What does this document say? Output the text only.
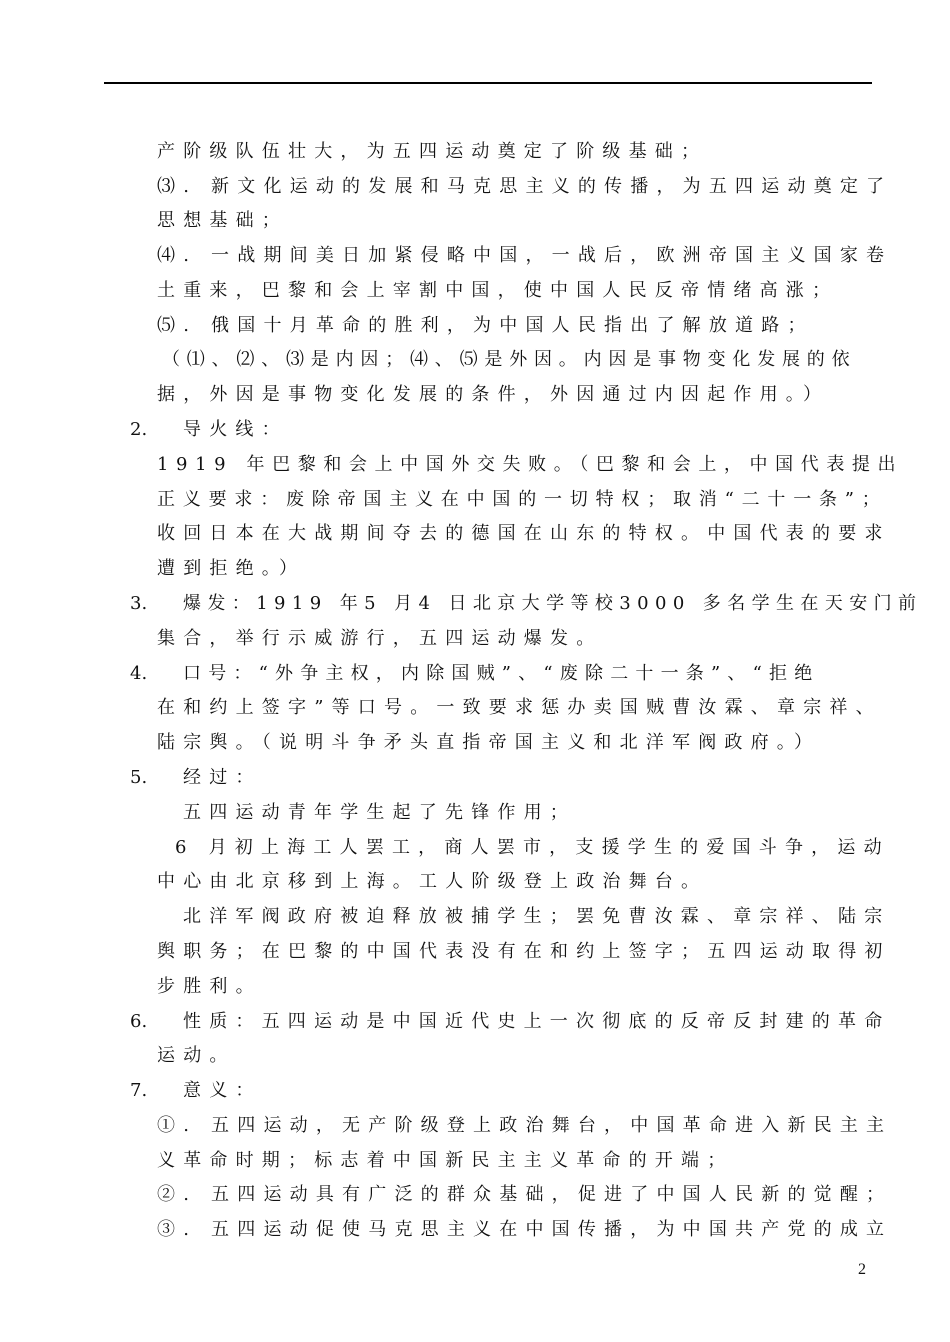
产阶级队伍壮大，为五四运动奠定了阶级基础；
⑶. 新文化运动的发展和马克思主义的传播，为五四运动奠定了
思想基础；
⑷. 一战期间美日加紧侵略中国，一战后，欧洲帝国主义国家卷
土重来，巴黎和会上宰割中国，使中国人民反帝情绪高涨；
⑸. 俄国十月革命的胜利，为中国人民指出了解放道路；
（⑴、⑵、⑶是内因；⑷、⑸是外因。内因是事物变化发展的依
据，外因是事物变化发展的条件，外因通过内因起作用。）
2. 导火线：
1919 年巴黎和会上中国外交失败。（巴黎和会上，中国代表提出
正义要求：废除帝国主义在中国的一切特权；取消“二十一条”；
收回日本在大战期间夺去的德国在山东的特权。中国代表的要求
遭到拒绝。）
3. 爆发：1919 年5 月4 日北京大学等校3000 多名学生在天安门前
集合，举行示威游行，五四运动爆发。
4. 口号：“外争主权，内除国贼”、“废除二十一条”、“拒绝
在和约上签字”等口号。一致要求惩办卖国贼曹汝霖、章宗祥、
陆宗舆。（说明斗争矛头直指帝国主义和北洋军阀政府。）
5. 经过：
五四运动青年学生起了先锋作用；
6 月初上海工人罢工，商人罢市，支援学生的爱国斗争，运动
中心由北京移到上海。工人阶级登上政治舞台。
北洋军阀政府被迫释放被捕学生；罢免曹汝霖、章宗祥、陆宗
舆职务；在巴黎的中国代表没有在和约上签字；五四运动取得初
步胜利。
6. 性质：五四运动是中国近代史上一次彻底的反帝反封建的革命
运动。
7. 意义：
①. 五四运动，无产阶级登上政治舞台，中国革命进入新民主主
义革命时期；标志着中国新民主主义革命的开端；
②. 五四运动具有广泛的群众基础，促进了中国人民新的觉醒；
③. 五四运动促使马克思主义在中国传播，为中国共产党的成立
2
